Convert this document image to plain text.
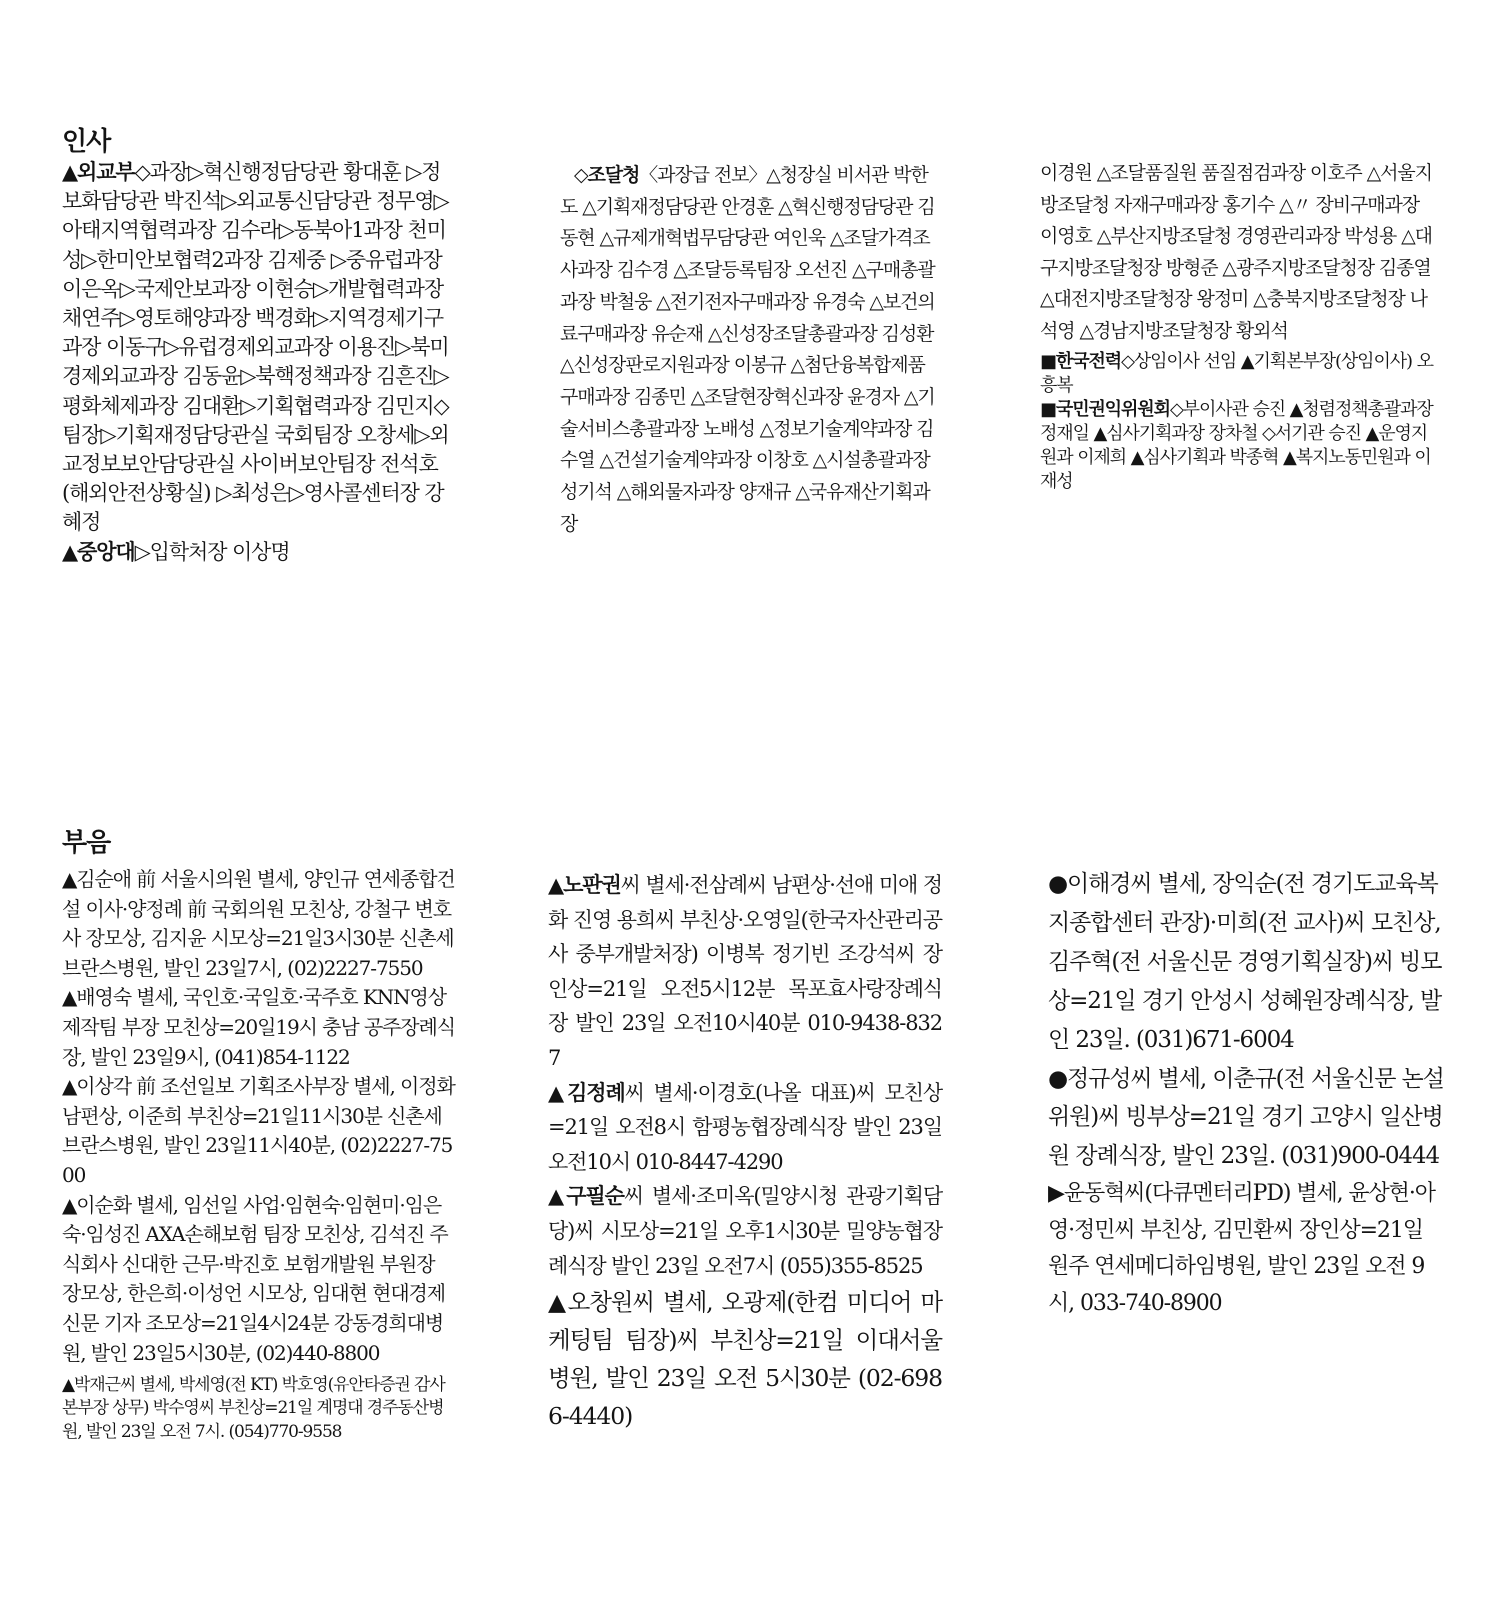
인사

▲외교부◇과장▷혁신행정담당관 황대훈 ▷정보화담당관 박진석▷외교통신담당관 정무영▷아태지역협력과장 김수라▷동북아1과장 천미성▷한미안보협력2과장 김제중 ▷중유럽과장 이은옥▷국제안보과장 이현승▷개발협력과장 채연주▷영토해양과장 백경화▷지역경제기구과장 이동구▷유럽경제외교과장 이용진▷북미경제외교과장 김동윤▷북핵정책과장 김흔진▷평화체제과장 김대환▷기획협력과장 김민지◇팀장▷기획재정담당관실 국회팀장 오창세▷외교정보보안담당관실 사이버보안팀장 전석호(해외안전상황실) ▷최성은▷영사콜센터장 강혜정

▲중앙대▷입학처장 이상명

◇조달청〈과장급 전보〉△청장실 비서관 박한도 △기획재정담당관 안경훈 △혁신행정담당관 김동현 △규제개혁법무담당관 여인욱 △조달가격조사과장 김수경 △조달등록팀장 오선진 △구매총괄과장 박철웅 △전기전자구매과장 유경숙 △보건의료구매과장 유순재 △신성장조달총괄과장 김성환 △신성장판로지원과장 이봉규 △첨단융복합제품구매과장 김종민 △조달현장혁신과장 윤경자 △기술서비스총괄과장 노배성 △정보기술계약과장 김수열 △건설기술계약과장 이창호 △시설총괄과장 성기석 △해외물자과장 양재규 △국유재산기획과장

이경원 △조달품질원 품질점검과장 이호주 △서울지방조달청 자재구매과장 홍기수 △〃 장비구매과장 이영호 △부산지방조달청 경영관리과장 박성용 △대구지방조달청장 방형준 △광주지방조달청장 김종열 △대전지방조달청장 왕정미 △충북지방조달청장 나석영 △경남지방조달청장 황외석

■한국전력◇상임이사 선임 ▲기획본부장(상임이사) 오흥복

■국민권익위원회◇부이사관 승진 ▲청렴정책총괄과장 정재일 ▲심사기획과장 장차철 ◇서기관 승진 ▲운영지원과 이제희 ▲심사기획과 박종혁 ▲복지노동민원과 이재성

부음

▲김순애 前 서울시의원 별세, 양인규 연세종합건설 이사·양정례 前 국회의원 모친상, 강철구 변호사 장모상, 김지윤 시모상=21일3시30분 신촌세브란스병원, 발인 23일7시, (02)2227-7550

▲배영숙 별세, 국인호·국일호·국주호 KNN영상제작팀 부장 모친상=20일19시 충남 공주장례식장, 발인 23일9시, (041)854-1122

▲이상각 前 조선일보 기획조사부장 별세, 이정화 남편상, 이준희 부친상=21일11시30분 신촌세브란스병원, 발인 23일11시40분, (02)2227-7500

▲이순화 별세, 임선일 사업·임현숙·임현미·임은숙·임성진 AXA손해보험 팀장 모친상, 김석진 주식회사 신대한 근무·박진호 보험개발원 부원장 장모상, 한은희·이성언 시모상, 임대현 현대경제신문 기자 조모상=21일4시24분 강동경희대병원, 발인 23일5시30분, (02)440-8800

▲박재근씨 별세, 박세영(전 KT) 박호영(유안타증권 감사본부장 상무) 박수영씨 부친상=21일 계명대 경주동산병원, 발인 23일 오전 7시. (054)770-9558

▲노판권씨 별세·전삼례씨 남편상·선애 미애 정화 진영 용희씨 부친상·오영일(한국자산관리공사 중부개발처장) 이병복 정기빈 조강석씨 장인상=21일 오전5시12분 목포효사랑장례식장 발인 23일 오전10시40분 010-9438-8327

▲김정례씨 별세·이경호(나올 대표)씨 모친상=21일 오전8시 함평농협장례식장 발인 23일 오전10시 010-8447-4290

▲구필순씨 별세·조미옥(밀양시청 관광기획담당)씨 시모상=21일 오후1시30분 밀양농협장례식장 발인 23일 오전7시 (055)355-8525

▲오창원씨 별세, 오광제(한컴 미디어 마케팅팀 팀장)씨 부친상=21일 이대서울병원, 발인 23일 오전 5시30분 (02-6986-4440)

●이해경씨 별세, 장익순(전 경기도교육복지종합센터 관장)·미희(전 교사)씨 모친상, 김주혁(전 서울신문 경영기획실장)씨 빙모상=21일 경기 안성시 성혜원장례식장, 발인 23일. (031)671-6004

●정규성씨 별세, 이춘규(전 서울신문 논설위원)씨 빙부상=21일 경기 고양시 일산병원 장례식장, 발인 23일. (031)900-0444

▶윤동혁씨(다큐멘터리PD) 별세, 윤상현·아영·정민씨 부친상, 김민환씨 장인상=21일 원주 연세메디하임병원, 발인 23일 오전 9시, 033-740-8900
